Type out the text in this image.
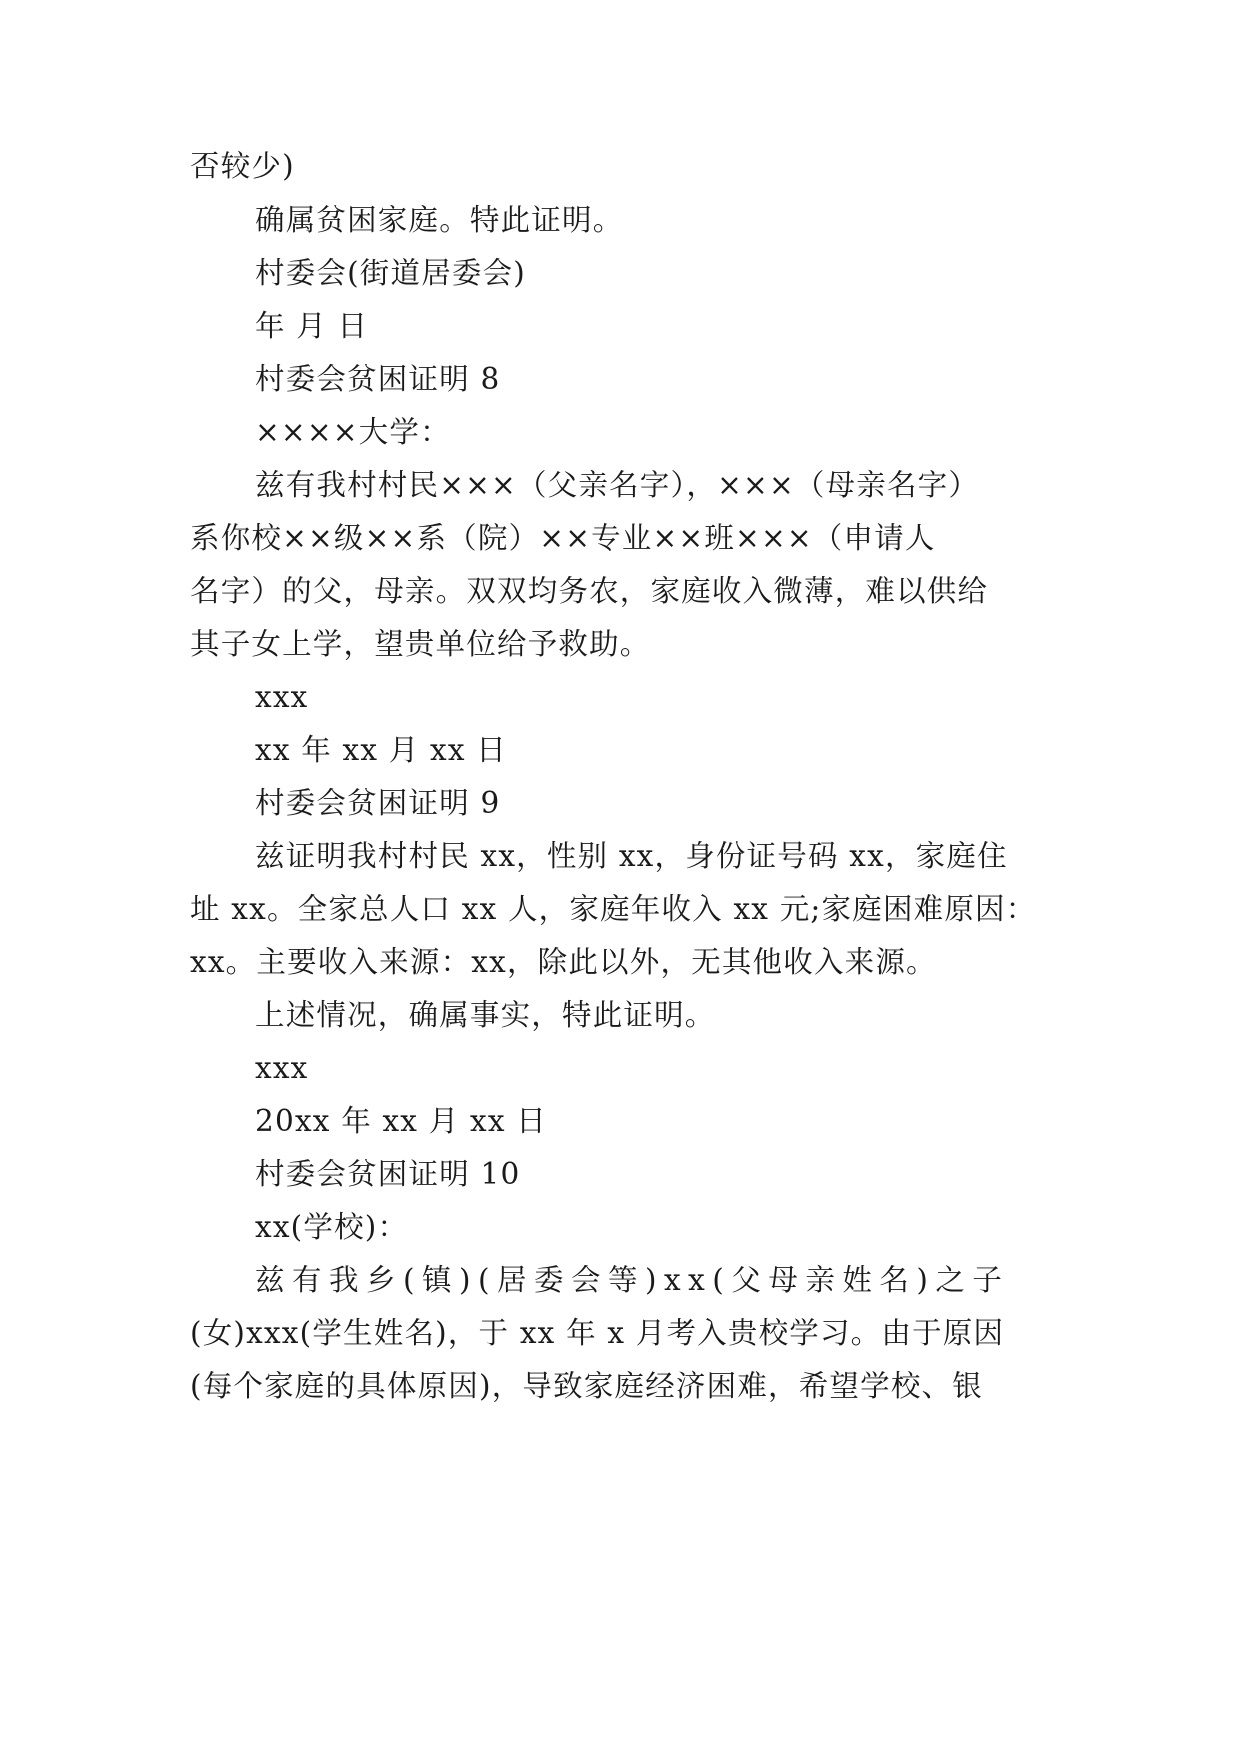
否较少)
确属贫困家庭。特此证明。
村委会(街道居委会)
年 月 日
村委会贫困证明 8
××××大学：
兹有我村村民×××（父亲名字），×××（母亲名字）
系你校××级××系（院）××专业××班×××（申请人
名字）的父，母亲。双双均务农，家庭收入微薄，难以供给
其子女上学，望贵单位给予救助。
xxx
xx 年 xx 月 xx 日
村委会贫困证明 9
兹证明我村村民 xx，性别 xx，身份证号码 xx，家庭住
址 xx。全家总人口 xx 人，家庭年收入 xx 元;家庭困难原因：
xx。主要收入来源：xx，除此以外，无其他收入来源。
上述情况，确属事实，特此证明。
xxx
20xx 年 xx 月 xx 日
村委会贫困证明 10
xx(学校)：
兹有我乡(镇)(居委会等)xx(父母亲姓名)之子
(女)xxx(学生姓名)，于 xx 年 x 月考入贵校学习。由于原因
(每个家庭的具体原因)，导致家庭经济困难，希望学校、银
